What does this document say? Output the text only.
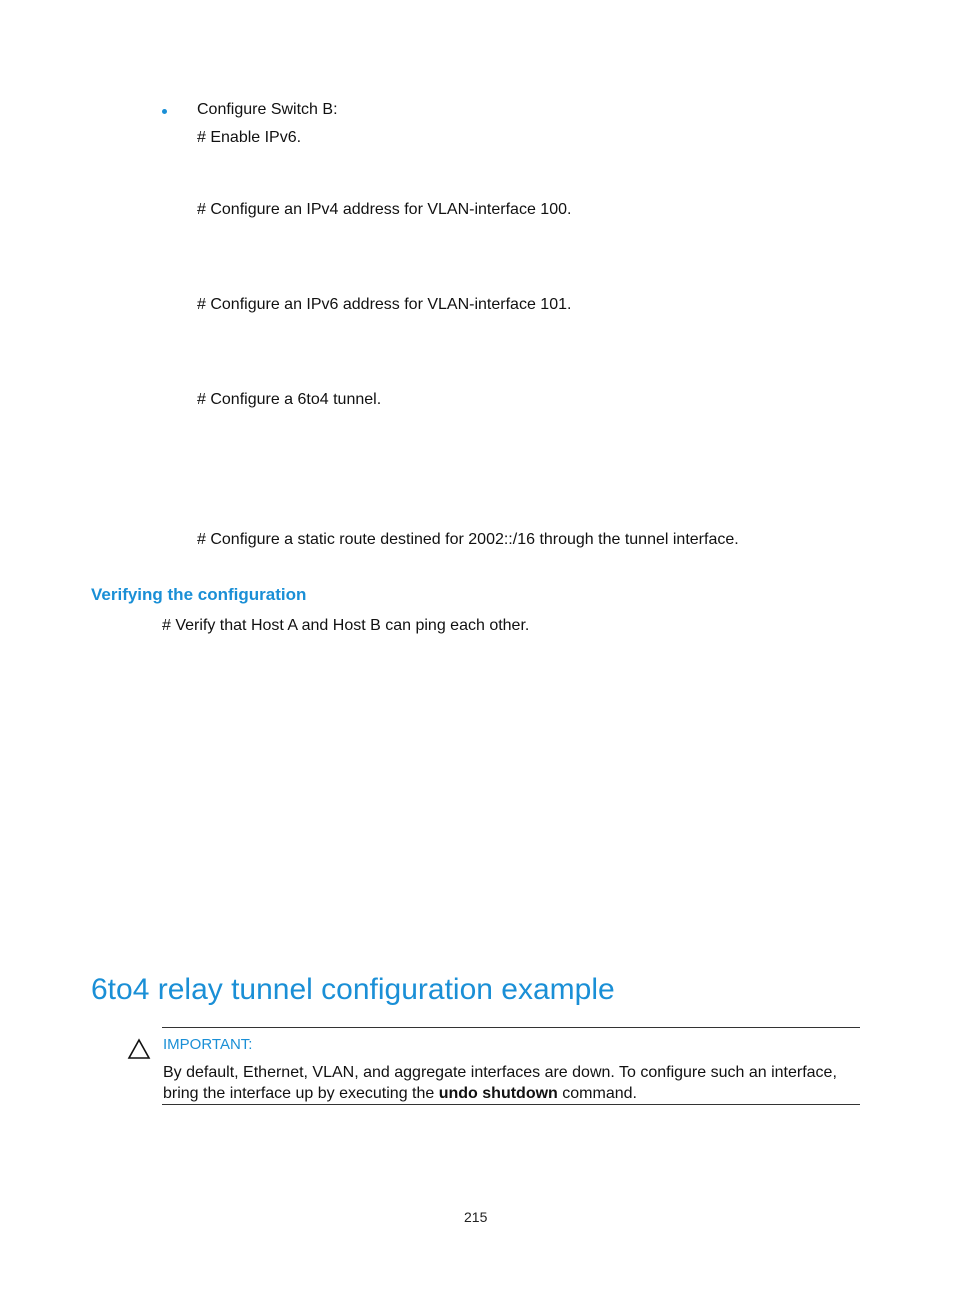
Configure Switch B:
# Enable IPv6.
# Configure an IPv4 address for VLAN-interface 100.
# Configure an IPv6 address for VLAN-interface 101.
# Configure a 6to4 tunnel.
# Configure a static route destined for 2002::/16 through the tunnel interface.
Verifying the configuration
# Verify that Host A and Host B can ping each other.
6to4 relay tunnel configuration example
IMPORTANT:
By default, Ethernet, VLAN, and aggregate interfaces are down. To configure such an interface, bring the interface up by executing the undo shutdown command.
215
